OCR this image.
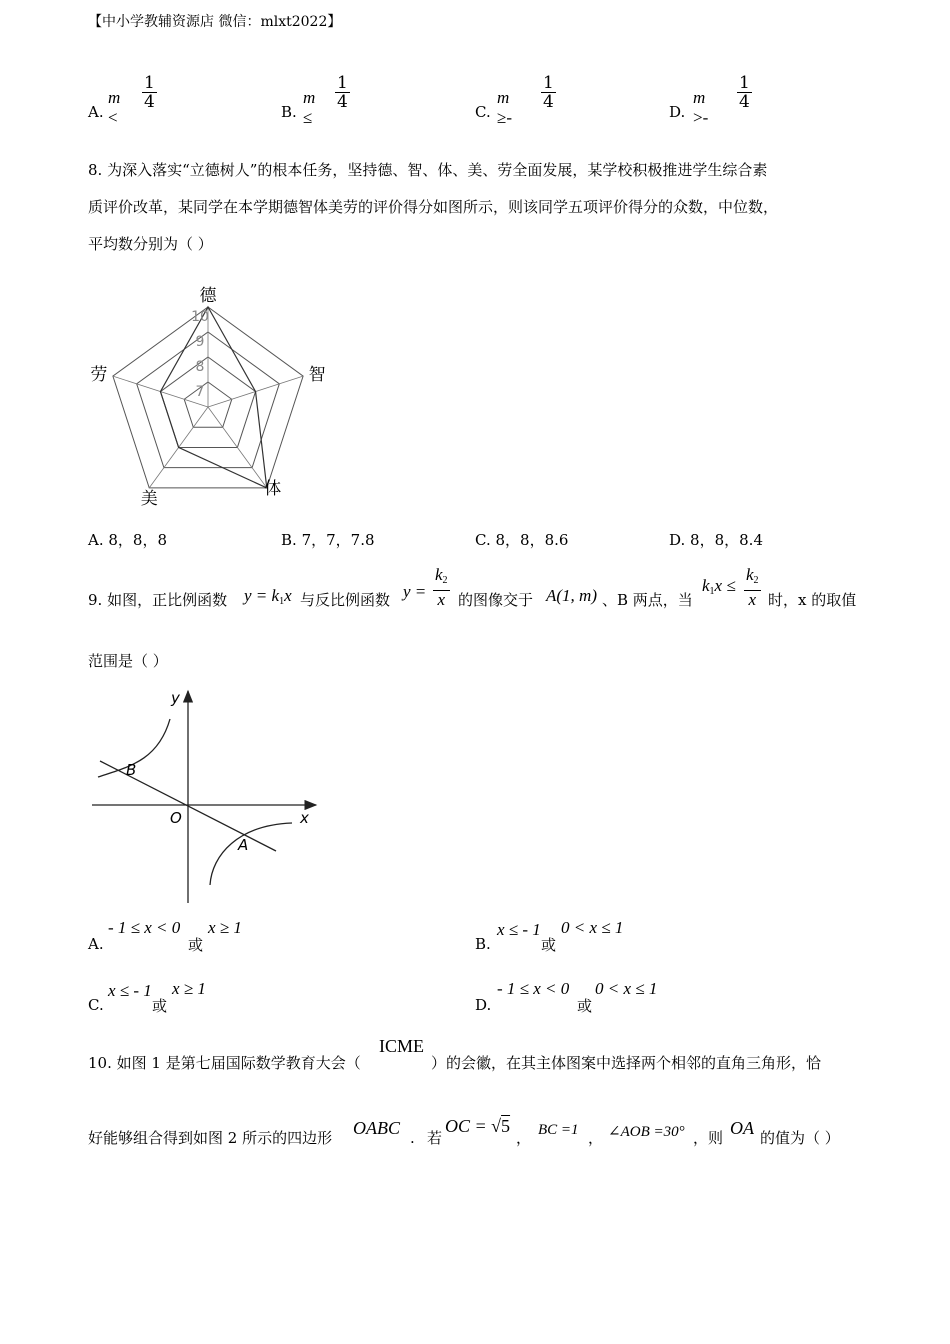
【中小学教辅资源店 微信：mlxt2022】
A.
m <
$\frac{1}{4}$
B.
m ≤
$\frac{1}{4}$
C.
m ≥-
$\frac{1}{4}$
D.
m >-
$\frac{1}{4}$
8. 为深入落实“立德树人”的根本任务，坚持德、智、体、美、劳全面发展，某学校积极推进学生综合素
质评价改革，某同学在本学期德智体美劳的评价得分如图所示，则该同学五项评价得分的众数，中位数，
平均数分别为（ ）
10
9
8
7
德
智
体
美
劳
A. 8，8，8	B. 7，7，7.8	C. 8，8，8.6	D. 8，8，8.4
9. 如图，正比例函数 $y = k_1x$ 与反比例函数 $y = \frac{k_2}{x}$ 的图像交于 A(1, m) 、B 两点，当
$k_1x \le \frac{k_2}{x}$ 时，x 的取值
范围是（ ）
y
x
O
A
B
A.
- 1 ≤ x < 0
或
x ≥ 1
B.
x ≤ - 1
或
0 < x ≤ 1
C.
x ≤ - 1
或
x ≥ 1
D.
- 1 ≤ x < 0
或
0 < x ≤ 1
10. 如图 1 是第七届国际数学教育大会（
ICME
）的会徽，在其主体图案中选择两个相邻的直角三角形，恰
好能够组合得到如图 2 所示的四边形 OABC . 若
OC = √5
， BC =1 ， ∠AOB =30° ，则 OA 的值为（ ）
